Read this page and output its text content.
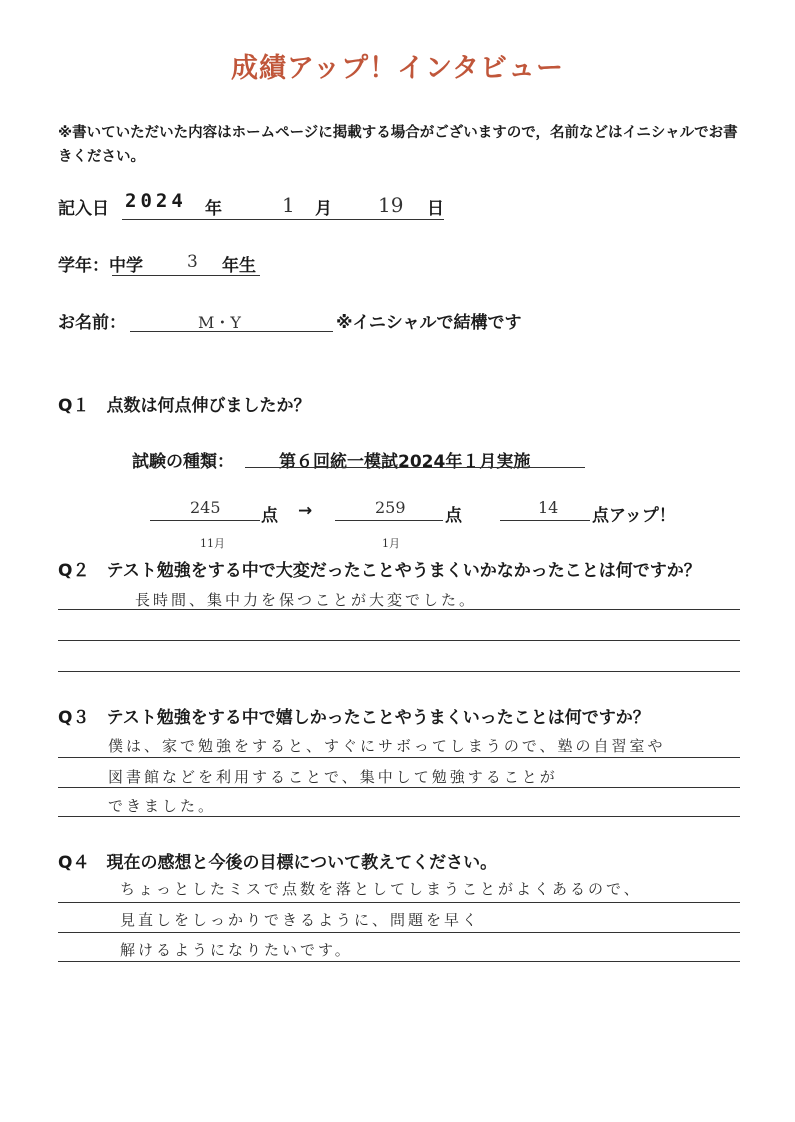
成績アップ！インタビュー
※書いていただいた内容はホームページに掲載する場合がございますので，名前などはイニシャルでお書きください。
記入日 2024 年	1 月 19 日
学年：中学	3 年生
お名前：	M・Y	※イニシャルで結構です
Q１　点数は何点伸びましたか？
試験の種類：	第６回統一模試2024年１月実施
245 点 →	259 点	14 点アップ！
11月	1月
Q２　テスト勉強をする中で大変だったことやうまくいかなかったことは何ですか？
長時間、集中力を保つことが大変でした。
Q３　テスト勉強をする中で嬉しかったことやうまくいったことは何ですか？
僕は、家で勉強をすると、すぐにサボってしまうので、塾の自習室や
図書館などを利用することで、集中して勉強することが
できました。
Q４　現在の感想と今後の目標について教えてください。
ちょっとしたミスで点数を落としてしまうことがよくあるので、
見直しをしっかりできるように、問題を早く
解けるようになりたいです。
